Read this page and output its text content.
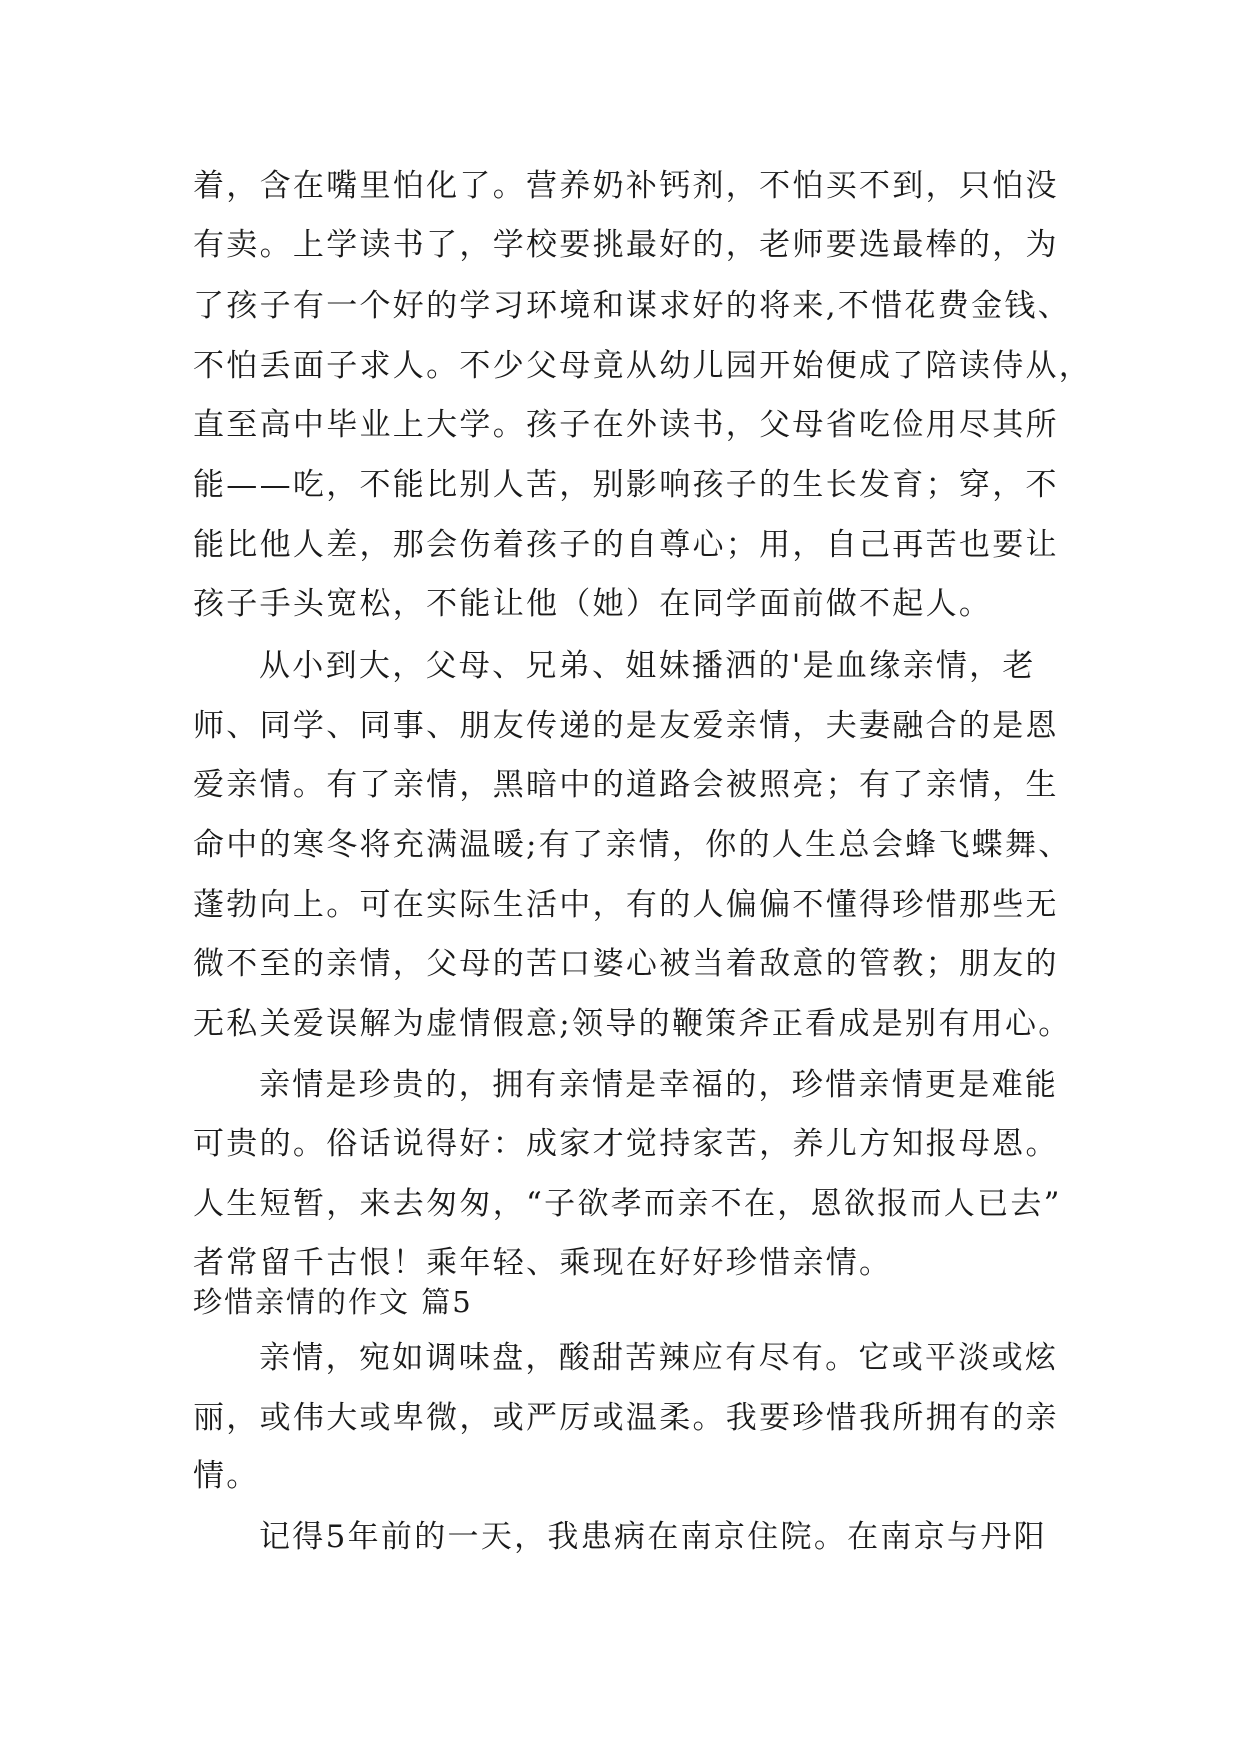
着，含在嘴里怕化了。营养奶补钙剂，不怕买不到，只怕没
有卖。上学读书了，学校要挑最好的，老师要选最棒的，为
了孩子有一个好的学习环境和谋求好的将来,不惜花费金钱、
不怕丢面子求人。不少父母竟从幼儿园开始便成了陪读侍从，
直至高中毕业上大学。孩子在外读书，父母省吃俭用尽其所
能——吃，不能比别人苦，别影响孩子的生长发育；穿，不
能比他人差，那会伤着孩子的自尊心；用，自己再苦也要让
孩子手头宽松，不能让他（她）在同学面前做不起人。
从小到大，父母、兄弟、姐妹播洒的'是血缘亲情，老
师、同学、同事、朋友传递的是友爱亲情，夫妻融合的是恩
爱亲情。有了亲情，黑暗中的道路会被照亮；有了亲情，生
命中的寒冬将充满温暖;有了亲情，你的人生总会蜂飞蝶舞、
蓬勃向上。可在实际生活中，有的人偏偏不懂得珍惜那些无
微不至的亲情，父母的苦口婆心被当着敌意的管教；朋友的
无私关爱误解为虚情假意;领导的鞭策斧正看成是别有用心。
亲情是珍贵的，拥有亲情是幸福的，珍惜亲情更是难能
可贵的。俗话说得好：成家才觉持家苦，养儿方知报母恩。
人生短暂，来去匆匆，“子欲孝而亲不在，恩欲报而人已去”
者常留千古恨！乘年轻、乘现在好好珍惜亲情。
珍惜亲情的作文 篇5
亲情，宛如调味盘，酸甜苦辣应有尽有。它或平淡或炫
丽，或伟大或卑微，或严厉或温柔。我要珍惜我所拥有的亲
情。
记得5年前的一天，我患病在南京住院。在南京与丹阳
